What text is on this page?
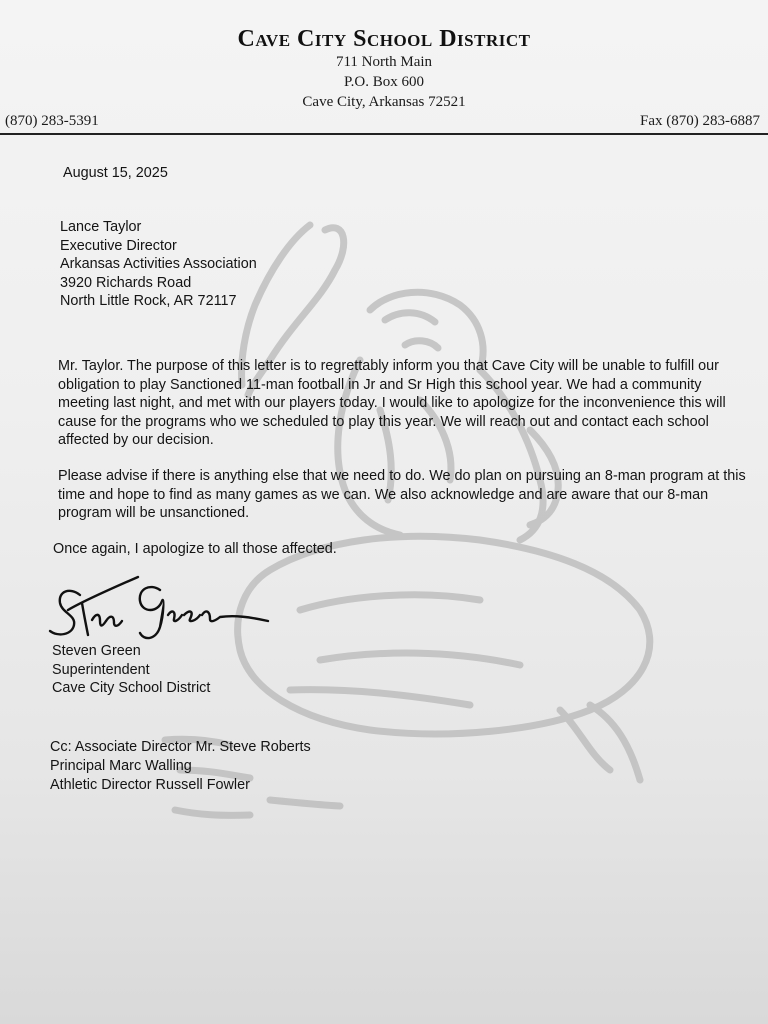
Cave City School District
711 North Main
P.O. Box 600
Cave City, Arkansas 72521
(870) 283-5391	Fax (870) 283-6887
August 15, 2025
Lance Taylor
Executive Director
Arkansas Activities Association
3920 Richards Road
North Little Rock, AR 72117
Mr. Taylor. The purpose of this letter is to regrettably inform you that Cave City will be unable to fulfill our obligation to play Sanctioned 11-man football in Jr and Sr High this school year. We had a community meeting last night, and met with our players today. I would like to apologize for the inconvenience this will cause for the programs who we scheduled to play this year. We will reach out and contact each school affected by our decision.
Please advise if there is anything else that we need to do. We do plan on pursuing an 8-man program at this time and hope to find as many games as we can. We also acknowledge and are aware that our 8-man program will be unsanctioned.
Once again, I apologize to all those affected.
Steven Green
Superintendent
Cave City School District
Cc: Associate Director Mr. Steve Roberts
Principal Marc Walling
Athletic Director Russell Fowler
